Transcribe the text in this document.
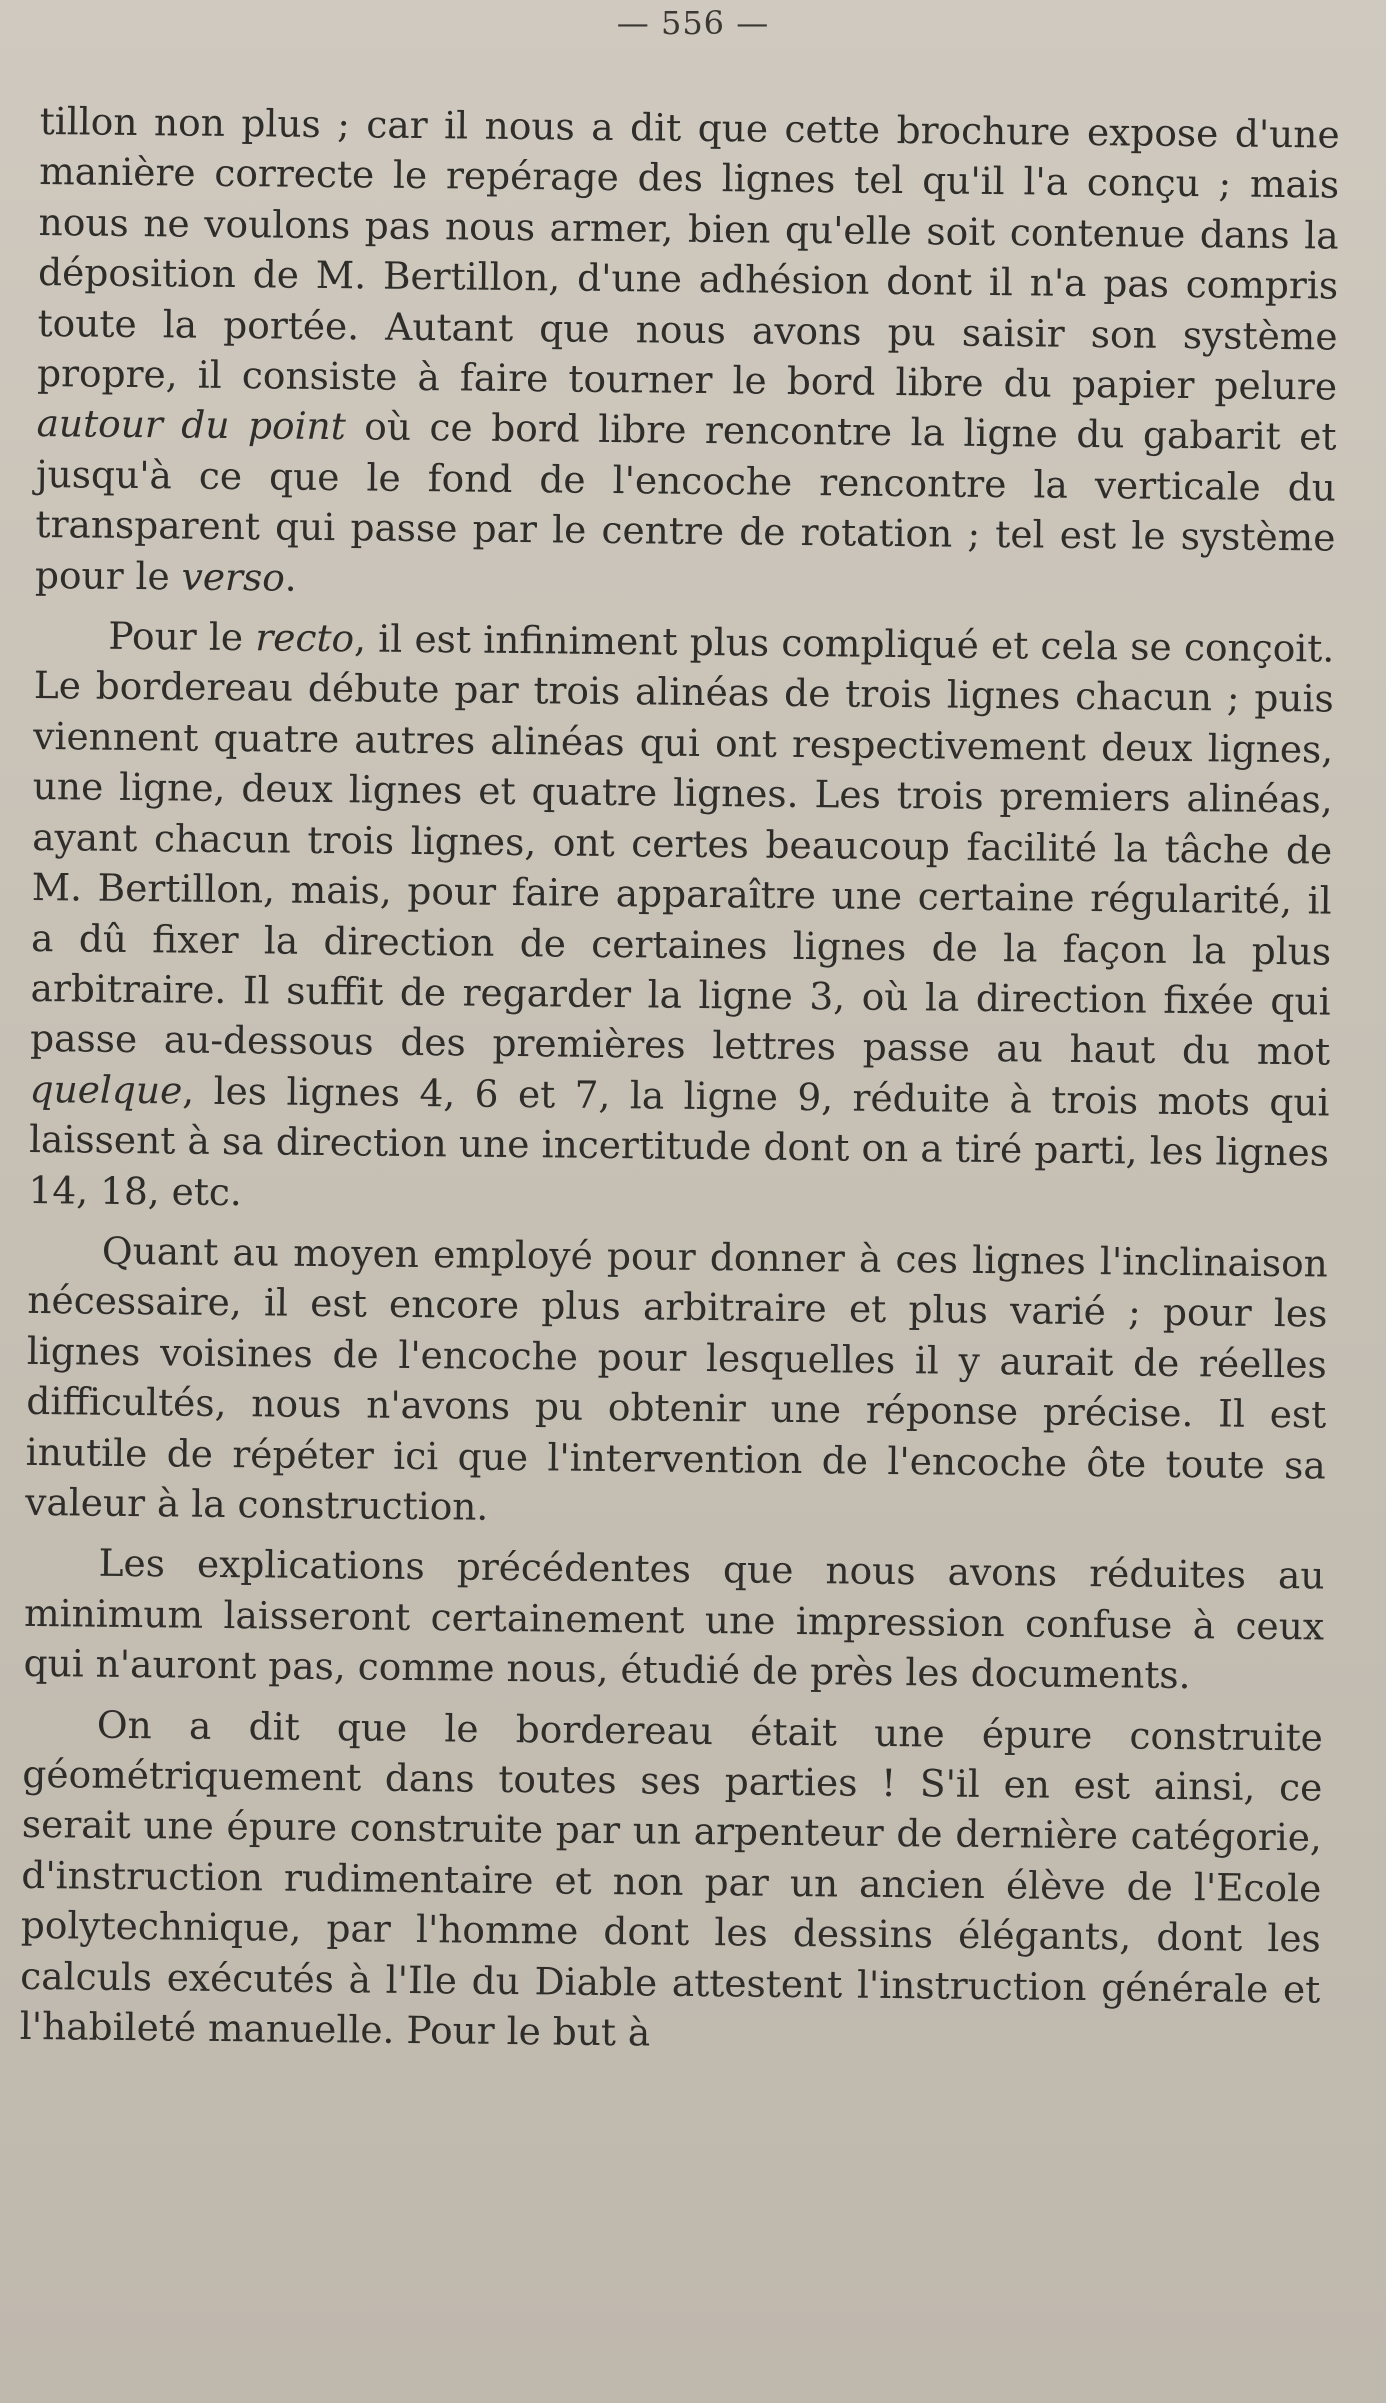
— 556 —

tillon non plus ; car il nous a dit que cette brochure expose d'une manière correcte le repérage des lignes tel qu'il l'a conçu ; mais nous ne voulons pas nous armer, bien qu'elle soit contenue dans la déposition de M. Bertillon, d'une adhésion dont il n'a pas compris toute la portée. Autant que nous avons pu saisir son système propre, il consiste à faire tourner le bord libre du papier pelure autour du point où ce bord libre rencontre la ligne du gabarit et jusqu'à ce que le fond de l'encoche rencontre la verticale du transparent qui passe par le centre de rotation ; tel est le système pour le verso.

Pour le recto, il est infiniment plus compliqué et cela se conçoit. Le bordereau débute par trois alinéas de trois lignes chacun ; puis viennent quatre autres alinéas qui ont respectivement deux lignes, une ligne, deux lignes et quatre lignes. Les trois premiers alinéas, ayant chacun trois lignes, ont certes beaucoup facilité la tâche de M. Bertillon, mais, pour faire apparaître une certaine régularité, il a dû fixer la direction de certaines lignes de la façon la plus arbitraire. Il suffit de regarder la ligne 3, où la direction fixée qui passe au-dessous des premières lettres passe au haut du mot quelque, les lignes 4, 6 et 7, la ligne 9, réduite à trois mots qui laissent à sa direction une incertitude dont on a tiré parti, les lignes 14, 18, etc.

Quant au moyen employé pour donner à ces lignes l'inclinaison nécessaire, il est encore plus arbitraire et plus varié ; pour les lignes voisines de l'encoche pour lesquelles il y aurait de réelles difficultés, nous n'avons pu obtenir une réponse précise. Il est inutile de répéter ici que l'intervention de l'encoche ôte toute sa valeur à la construction.

Les explications précédentes que nous avons réduites au minimum laisseront certainement une impression confuse à ceux qui n'auront pas, comme nous, étudié de près les documents.

On a dit que le bordereau était une épure construite géométriquement dans toutes ses parties ! S'il en est ainsi, ce serait une épure construite par un arpenteur de dernière catégorie, d'instruction rudimentaire et non par un ancien élève de l'Ecole polytechnique, par l'homme dont les dessins élégants, dont les calculs exécutés à l'Ile du Diable attestent l'instruction générale et l'habileté manuelle. Pour le but à
